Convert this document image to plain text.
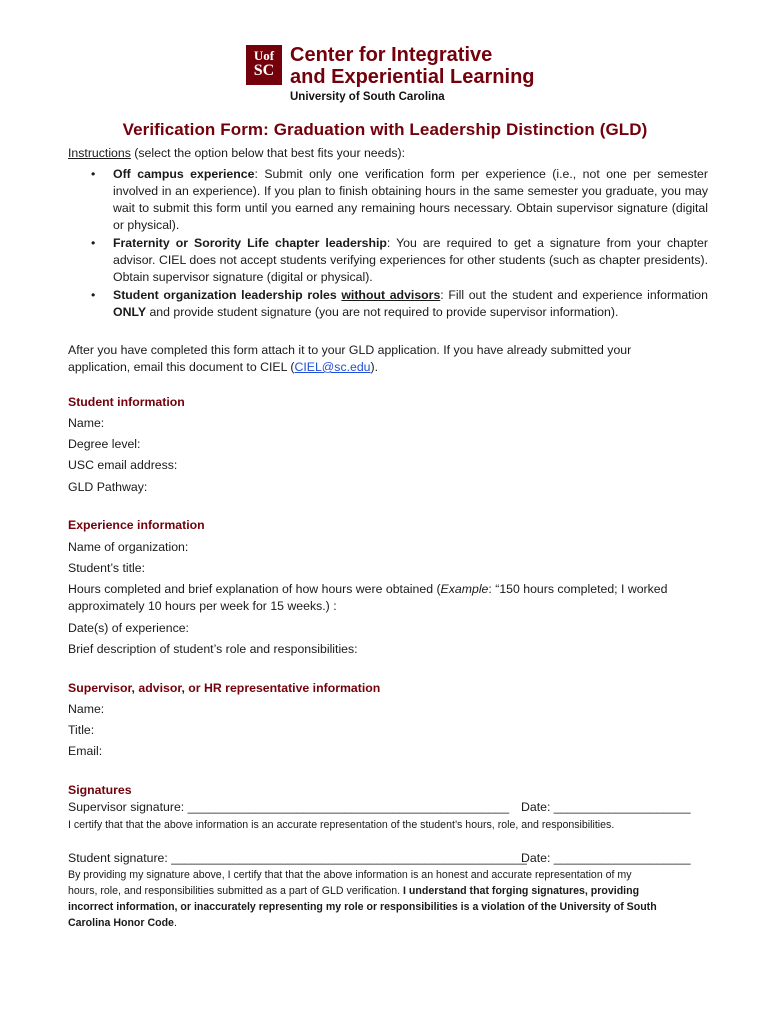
Uof
SC
Center for Integrative
and Experiential Learning
University of South Carolina
Verification Form: Graduation with Leadership Distinction (GLD)
Instructions (select the option below that best fits your needs):
• Off campus experience: Submit only one verification form per experience (i.e., not one per semester involved in an experience). If you plan to finish obtaining hours in the same semester you graduate, you may wait to submit this form until you earned any remaining hours necessary. Obtain supervisor signature (digital or physical).
• Fraternity or Sorority Life chapter leadership: You are required to get a signature from your chapter advisor. CIEL does not accept students verifying experiences for other students (such as chapter presidents). Obtain supervisor signature (digital or physical).
• Student organization leadership roles without advisors: Fill out the student and experience information ONLY and provide student signature (you are not required to provide supervisor information).
After you have completed this form attach it to your GLD application. If you have already submitted your
application, email this document to CIEL (CIEL@sc.edu).
Student information
Name:
Degree level:
USC email address:
GLD Pathway:
Experience information
Name of organization:
Student’s title:
Hours completed and brief explanation of how hours were obtained (Example: “150 hours completed; I worked
approximately 10 hours per week for 15 weeks.) :
Date(s) of experience:
Brief description of student’s role and responsibilities:
Supervisor, advisor, or HR representative information
Name:
Title:
Email:
Signatures
Supervisor signature: _______________________________________________ Date: ____________________
I certify that that the above information is an accurate representation of the student’s hours, role, and responsibilities.
Student signature: ____________________________________________________
Date: ____________________
By providing my signature above, I certify that that the above information is an honest and accurate representation of my
hours, role, and responsibilities submitted as a part of GLD verification. I understand that forging signatures, providing
incorrect information, or inaccurately representing my role or responsibilities is a violation of the University of South
Carolina Honor Code.
